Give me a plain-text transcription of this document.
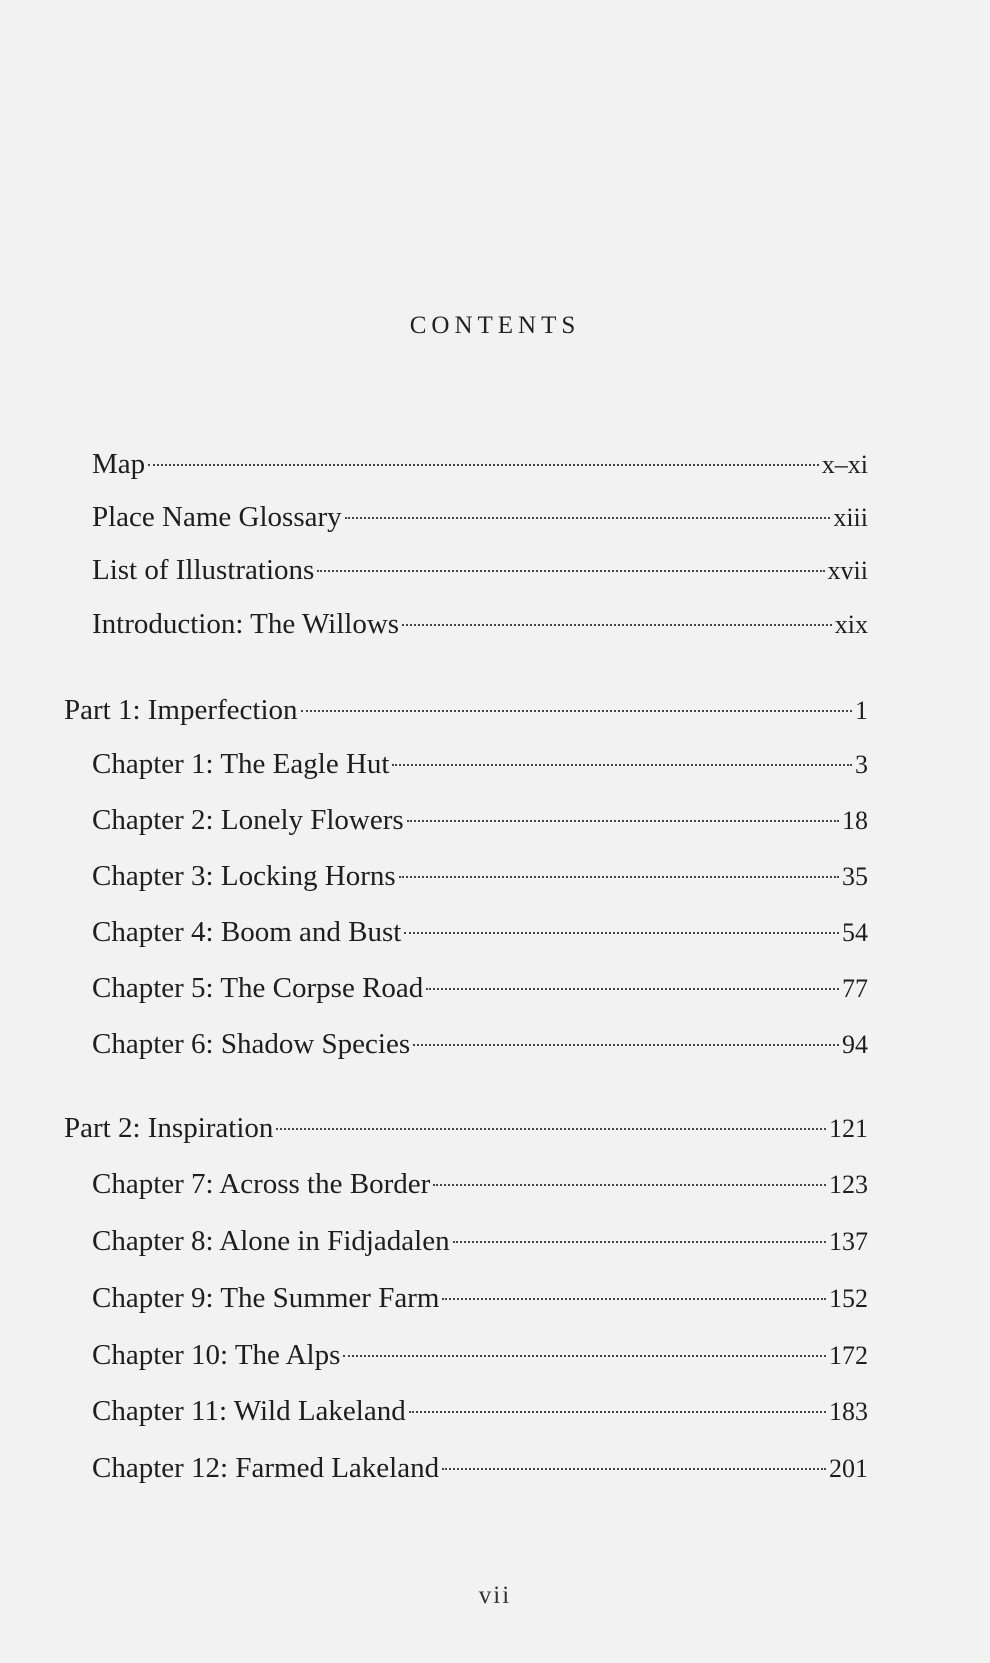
CONTENTS
Map	x–xi
Place Name Glossary	xiii
List of Illustrations	xvii
Introduction: The Willows	xix
Part 1: Imperfection	1
Chapter 1: The Eagle Hut	3
Chapter 2: Lonely Flowers	18
Chapter 3: Locking Horns	35
Chapter 4: Boom and Bust	54
Chapter 5: The Corpse Road	77
Chapter 6: Shadow Species	94
Part 2: Inspiration	121
Chapter 7: Across the Border	123
Chapter 8: Alone in Fidjadalen	137
Chapter 9: The Summer Farm	152
Chapter 10: The Alps	172
Chapter 11: Wild Lakeland	183
Chapter 12: Farmed Lakeland	201
vii
